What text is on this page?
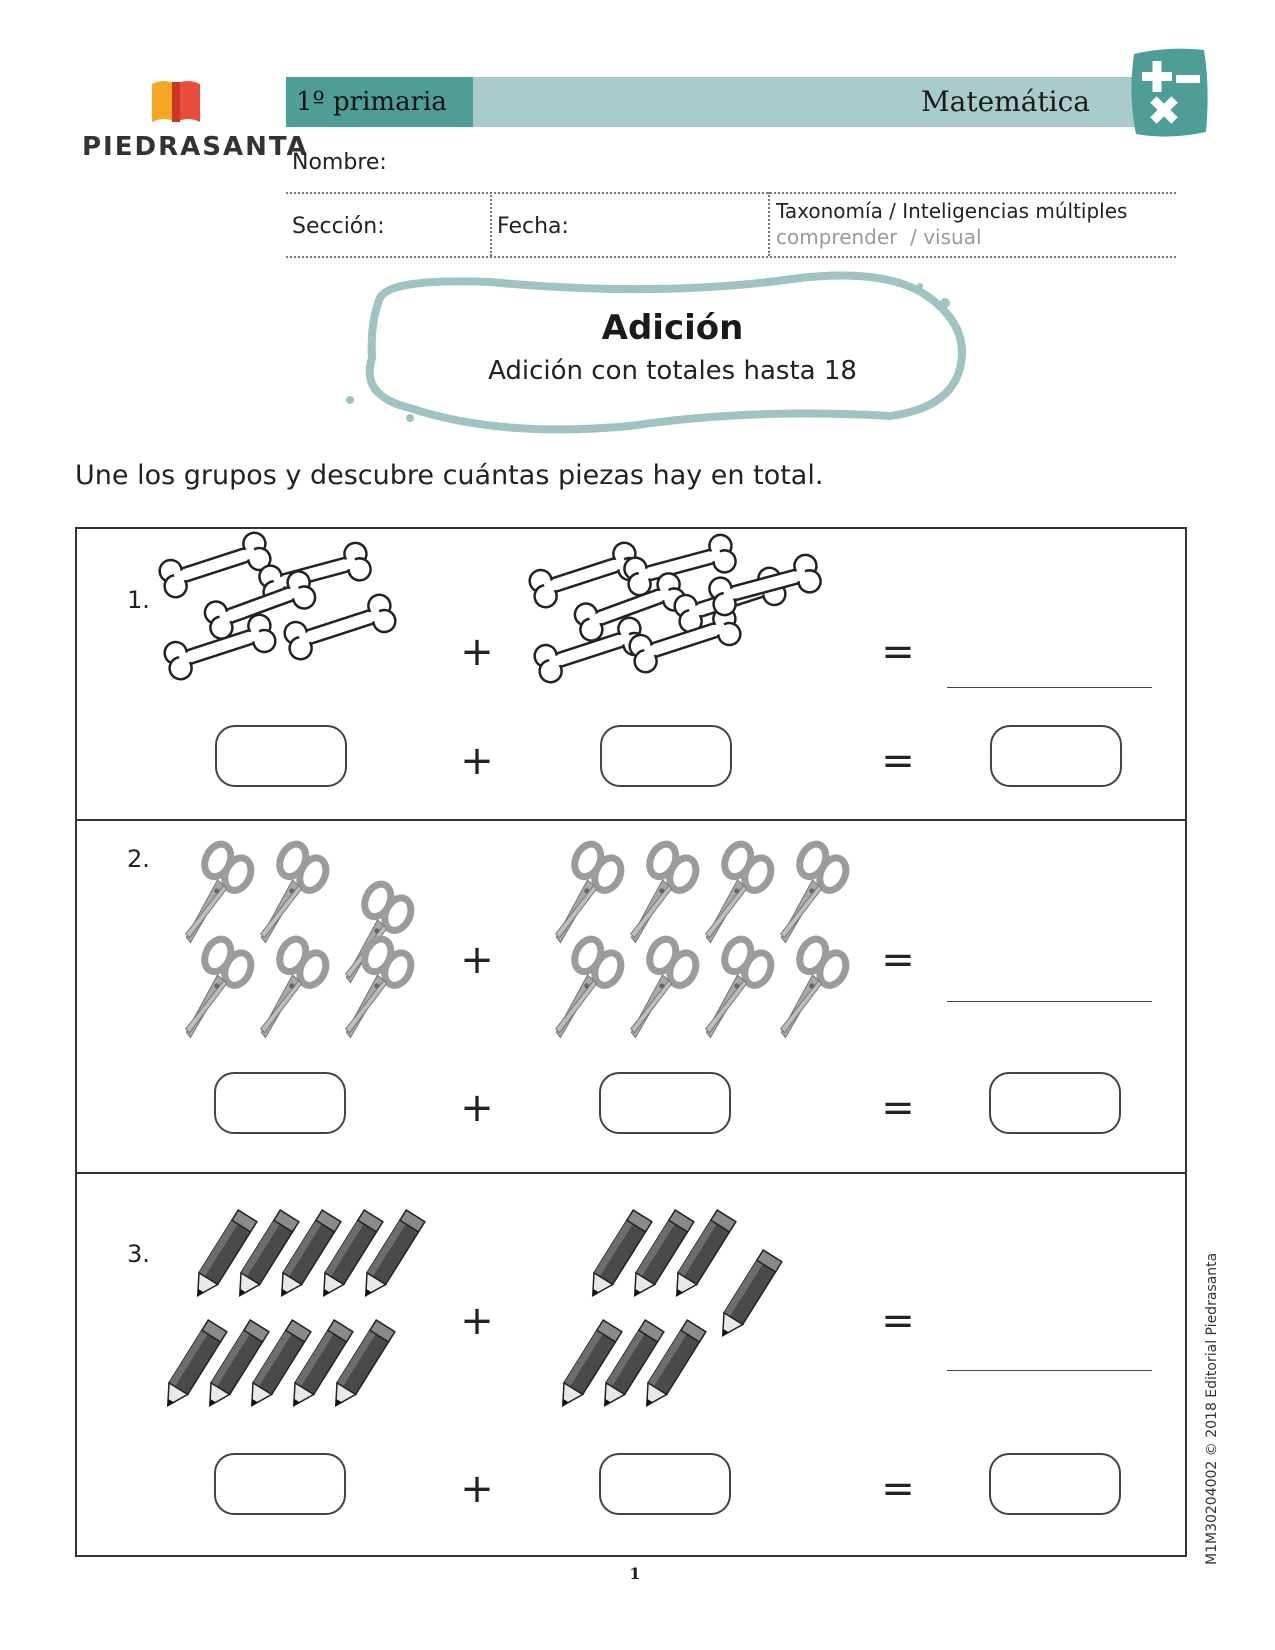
PIEDRASANTA
1º primaria	Matemática
Nombre:
Sección:	Fecha:
Taxonomía / Inteligencias múltiples
comprender  / visual
Adición
Adición con totales hasta 18
Une los grupos y descubre cuántas piezas hay en total.
1.
+	=
+	=
2.
+	=
+	=
3.
+	=
+	=
1
M1M30204002 © 2018 Editorial Piedrasanta
